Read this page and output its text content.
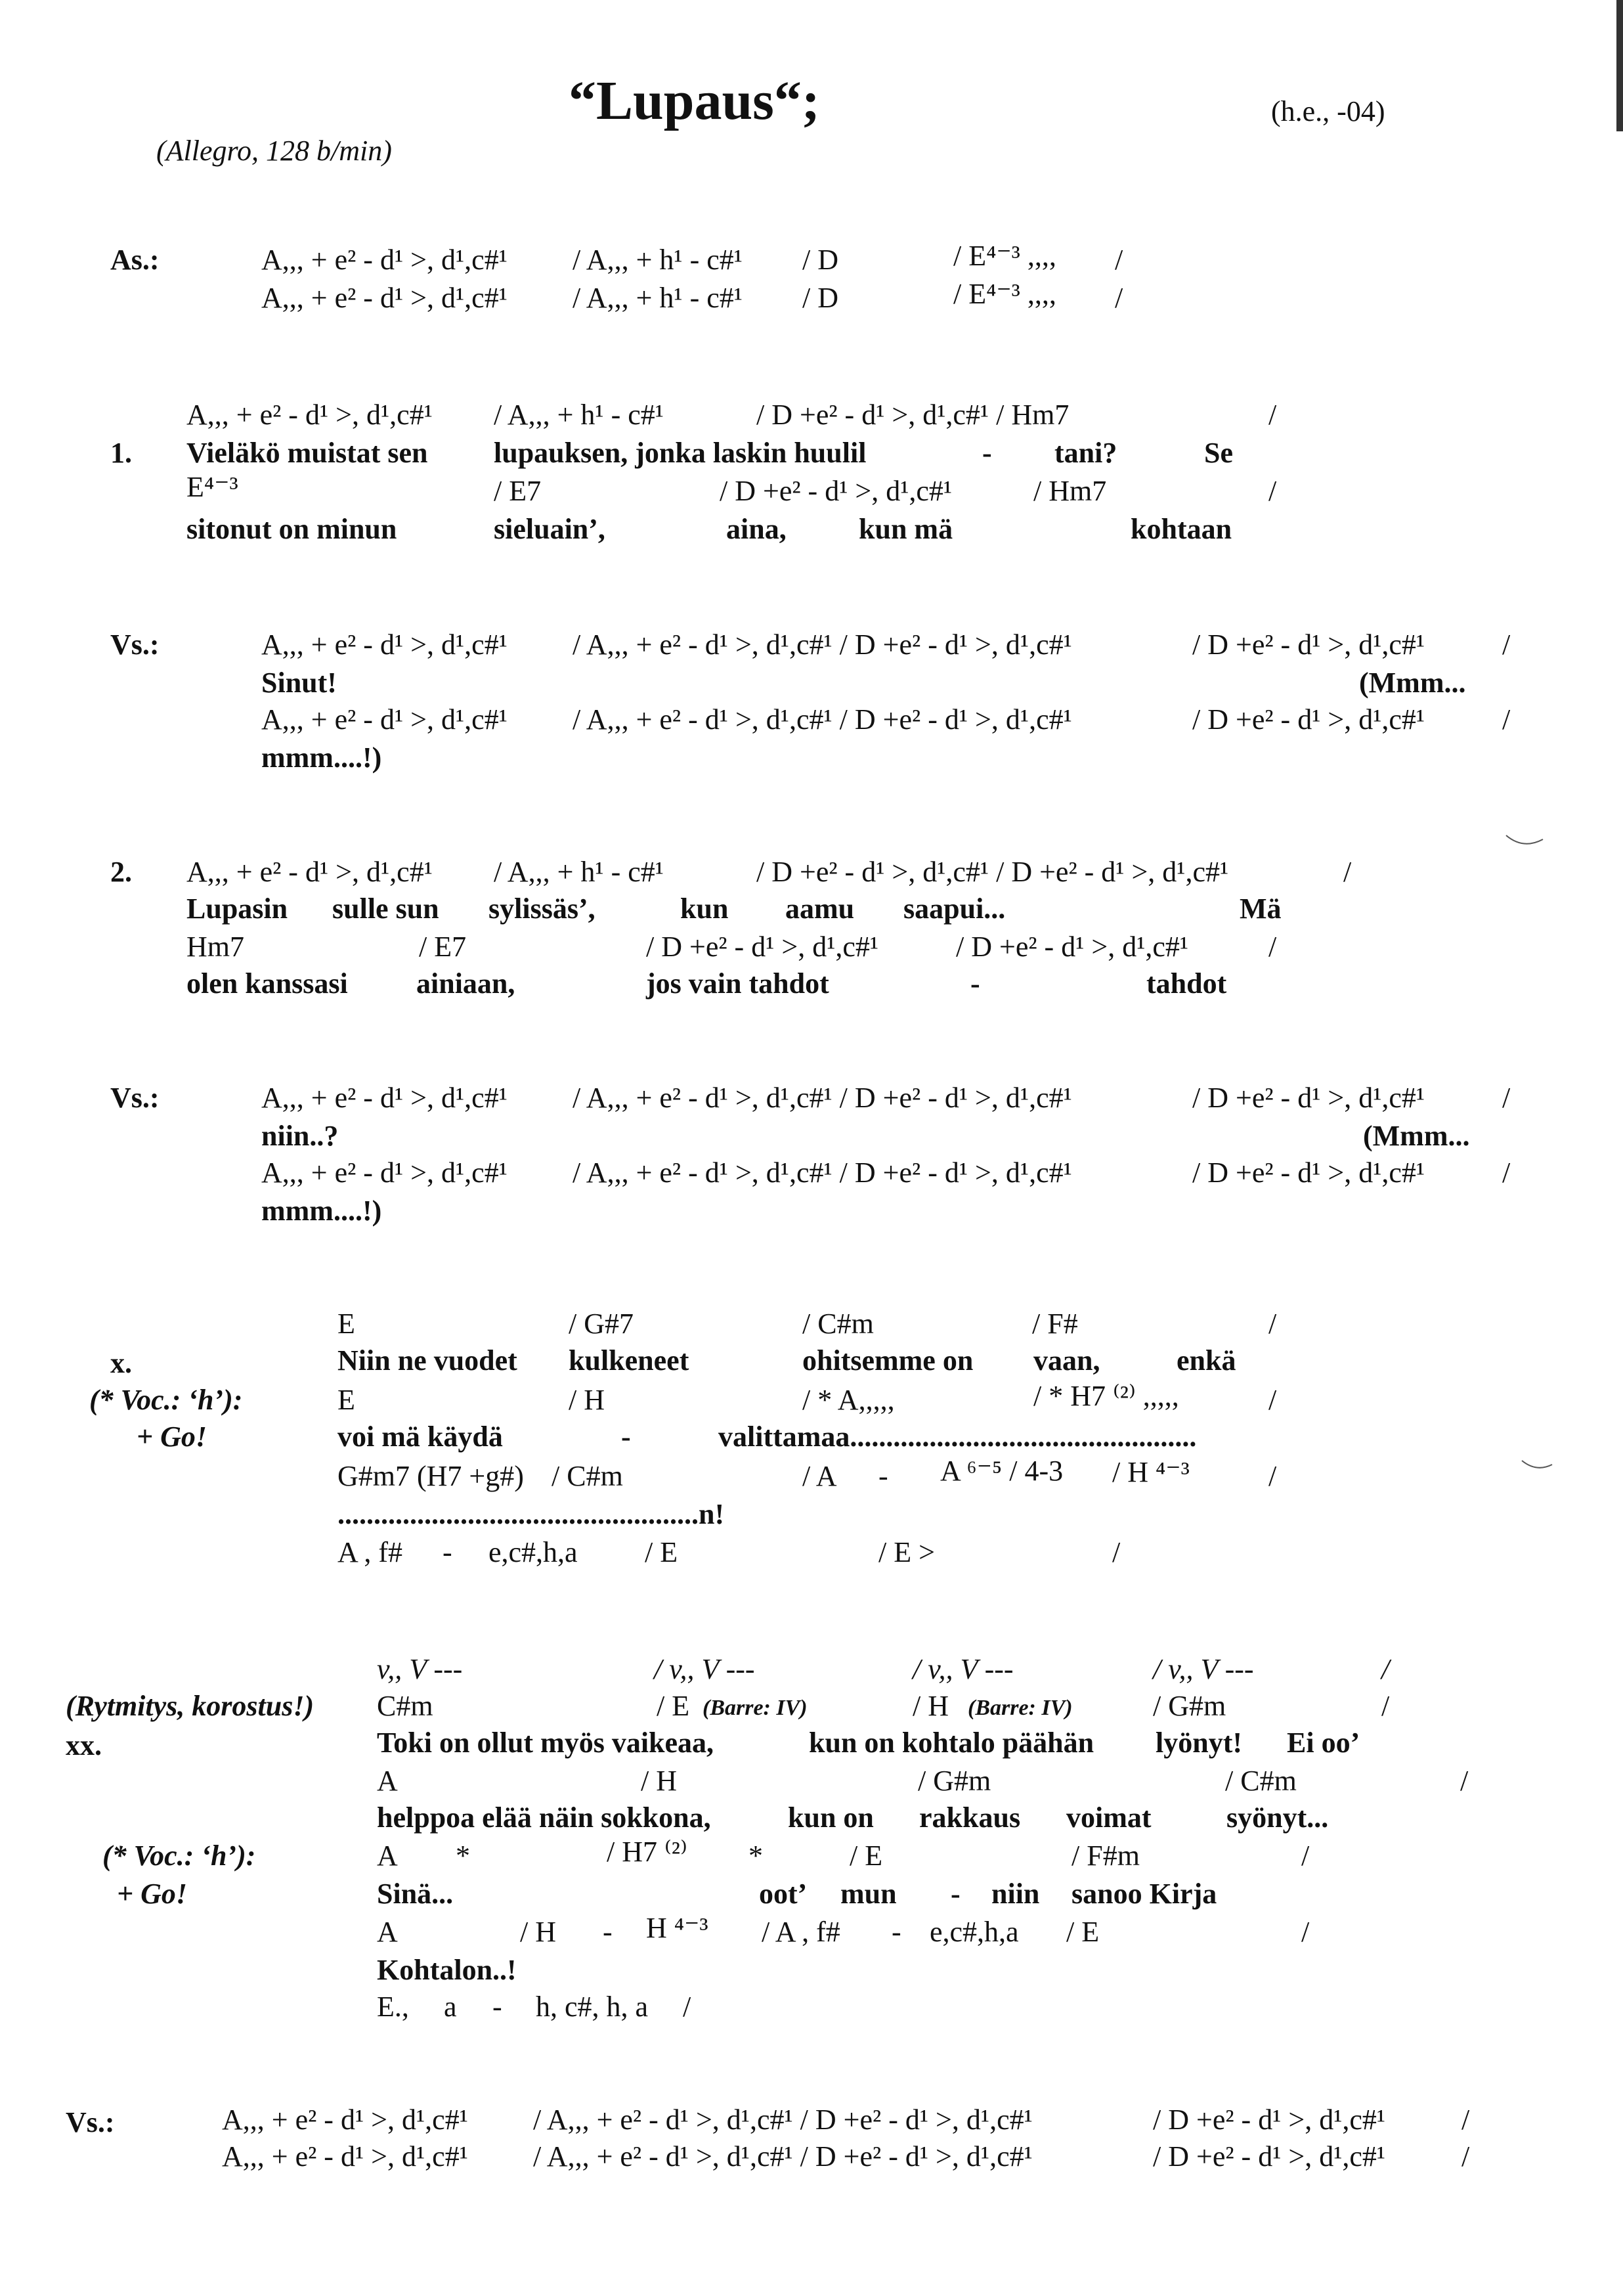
“Lupaus“;
(Allegro, 128 b/min)
(h.e., -04)
As.:	A,,, + e² - d¹ >, d¹,c#¹ / A,,, + h¹ - c#¹ / D	/ E⁴⁻³ ,,,, /
A,,, + e² - d¹ >, d¹,c#¹ / A,,, + h¹ - c#¹ / D	/ E⁴⁻³ ,,,, /
A,,, + e² - d¹ >, d¹,c#¹ / A,,, + h¹ - c#¹	/ D +e² - d¹ >, d¹,c#¹ / Hm7	/
1. Vieläkö muistat sen lupauksen, jonka laskin huulil	- tani?	Se
E⁴⁻³	/ E7	/ D +e² - d¹ >, d¹,c#¹	/ Hm7	/
sitonut on minun	sieluain’,	aina,	kun mä	kohtaan
Vs.:	A,,, + e² - d¹ >, d¹,c#¹ / A,,, + e² - d¹ >, d¹,c#¹ / D +e² - d¹ >, d¹,c#¹	/ D +e² - d¹ >, d¹,c#¹	/
Sinut!	(Mmm...
A,,, + e² - d¹ >, d¹,c#¹ / A,,, + e² - d¹ >, d¹,c#¹ / D +e² - d¹ >, d¹,c#¹	/ D +e² - d¹ >, d¹,c#¹	/
mmm....!)
2. A,,, + e² - d¹ >, d¹,c#¹ / A,,, + h¹ - c#¹	/ D +e² - d¹ >, d¹,c#¹ / D +e² - d¹ >, d¹,c#¹	/
Lupasin sulle sun sylissäs’,	kun aamu saapui...	Mä
Hm7	/ E7	/ D +e² - d¹ >, d¹,c#¹	/ D +e² - d¹ >, d¹,c#¹	/
olen kanssasi ainiaan,	jos vain tahdot	-	tahdot
Vs.:	A,,, + e² - d¹ >, d¹,c#¹ / A,,, + e² - d¹ >, d¹,c#¹ / D +e² - d¹ >, d¹,c#¹	/ D +e² - d¹ >, d¹,c#¹	/
niin..?	(Mmm...
A,,, + e² - d¹ >, d¹,c#¹ / A,,, + e² - d¹ >, d¹,c#¹ / D +e² - d¹ >, d¹,c#¹	/ D +e² - d¹ >, d¹,c#¹	/
mmm....!)
E	/ G#7	/ C#m	/ F#	/
x.	Niin ne vuodet kulkeneet	ohitsemme on vaan,	enkä
(* Voc.: ‘h’):	E	/ H	/ * A,,,,,	/ * H7 ⁽²⁾ ,,,,,	/
+ Go!	voi mä käydä	-	valittamaa................................................
G#m7 (H7 +g#) / C#m	/ A - A ⁶⁻⁵ / 4-3 / H ⁴⁻³	/
..................................................n!
A , f# - e,c#,h,a / E	/ E >	/
v,, V ---	/ v,, V ---	/ v,, V ---	/ v,, V ---	/
(Rytmitys, korostus!) C#m	/ E (Barre: IV)	/ H (Barre: IV)	/ G#m	/
xx.	Toki on ollut myös vaikeaa,	kun on kohtalo päähän lyönyt! Ei oo’
A	/ H	/ G#m	/ C#m	/
helppoa elää näin sokkona,	kun on rakkaus voimat	syönyt...
(* Voc.: ‘h’):	A *	/ H7 ⁽²⁾ *	/ E	/ F#m	/
+ Go!	Sinä...	oot’ mun - niin sanoo Kirja
A	/ H - H ⁴⁻³ / A , f# - e,c#,h,a / E	/
Kohtalon..!
E., a - h, c#, h, a /
Vs.:	A,,, + e² - d¹ >, d¹,c#¹ / A,,, + e² - d¹ >, d¹,c#¹ / D +e² - d¹ >, d¹,c#¹	/ D +e² - d¹ >, d¹,c#¹	/
A,,, + e² - d¹ >, d¹,c#¹ / A,,, + e² - d¹ >, d¹,c#¹ / D +e² - d¹ >, d¹,c#¹	/ D +e² - d¹ >, d¹,c#¹	/
